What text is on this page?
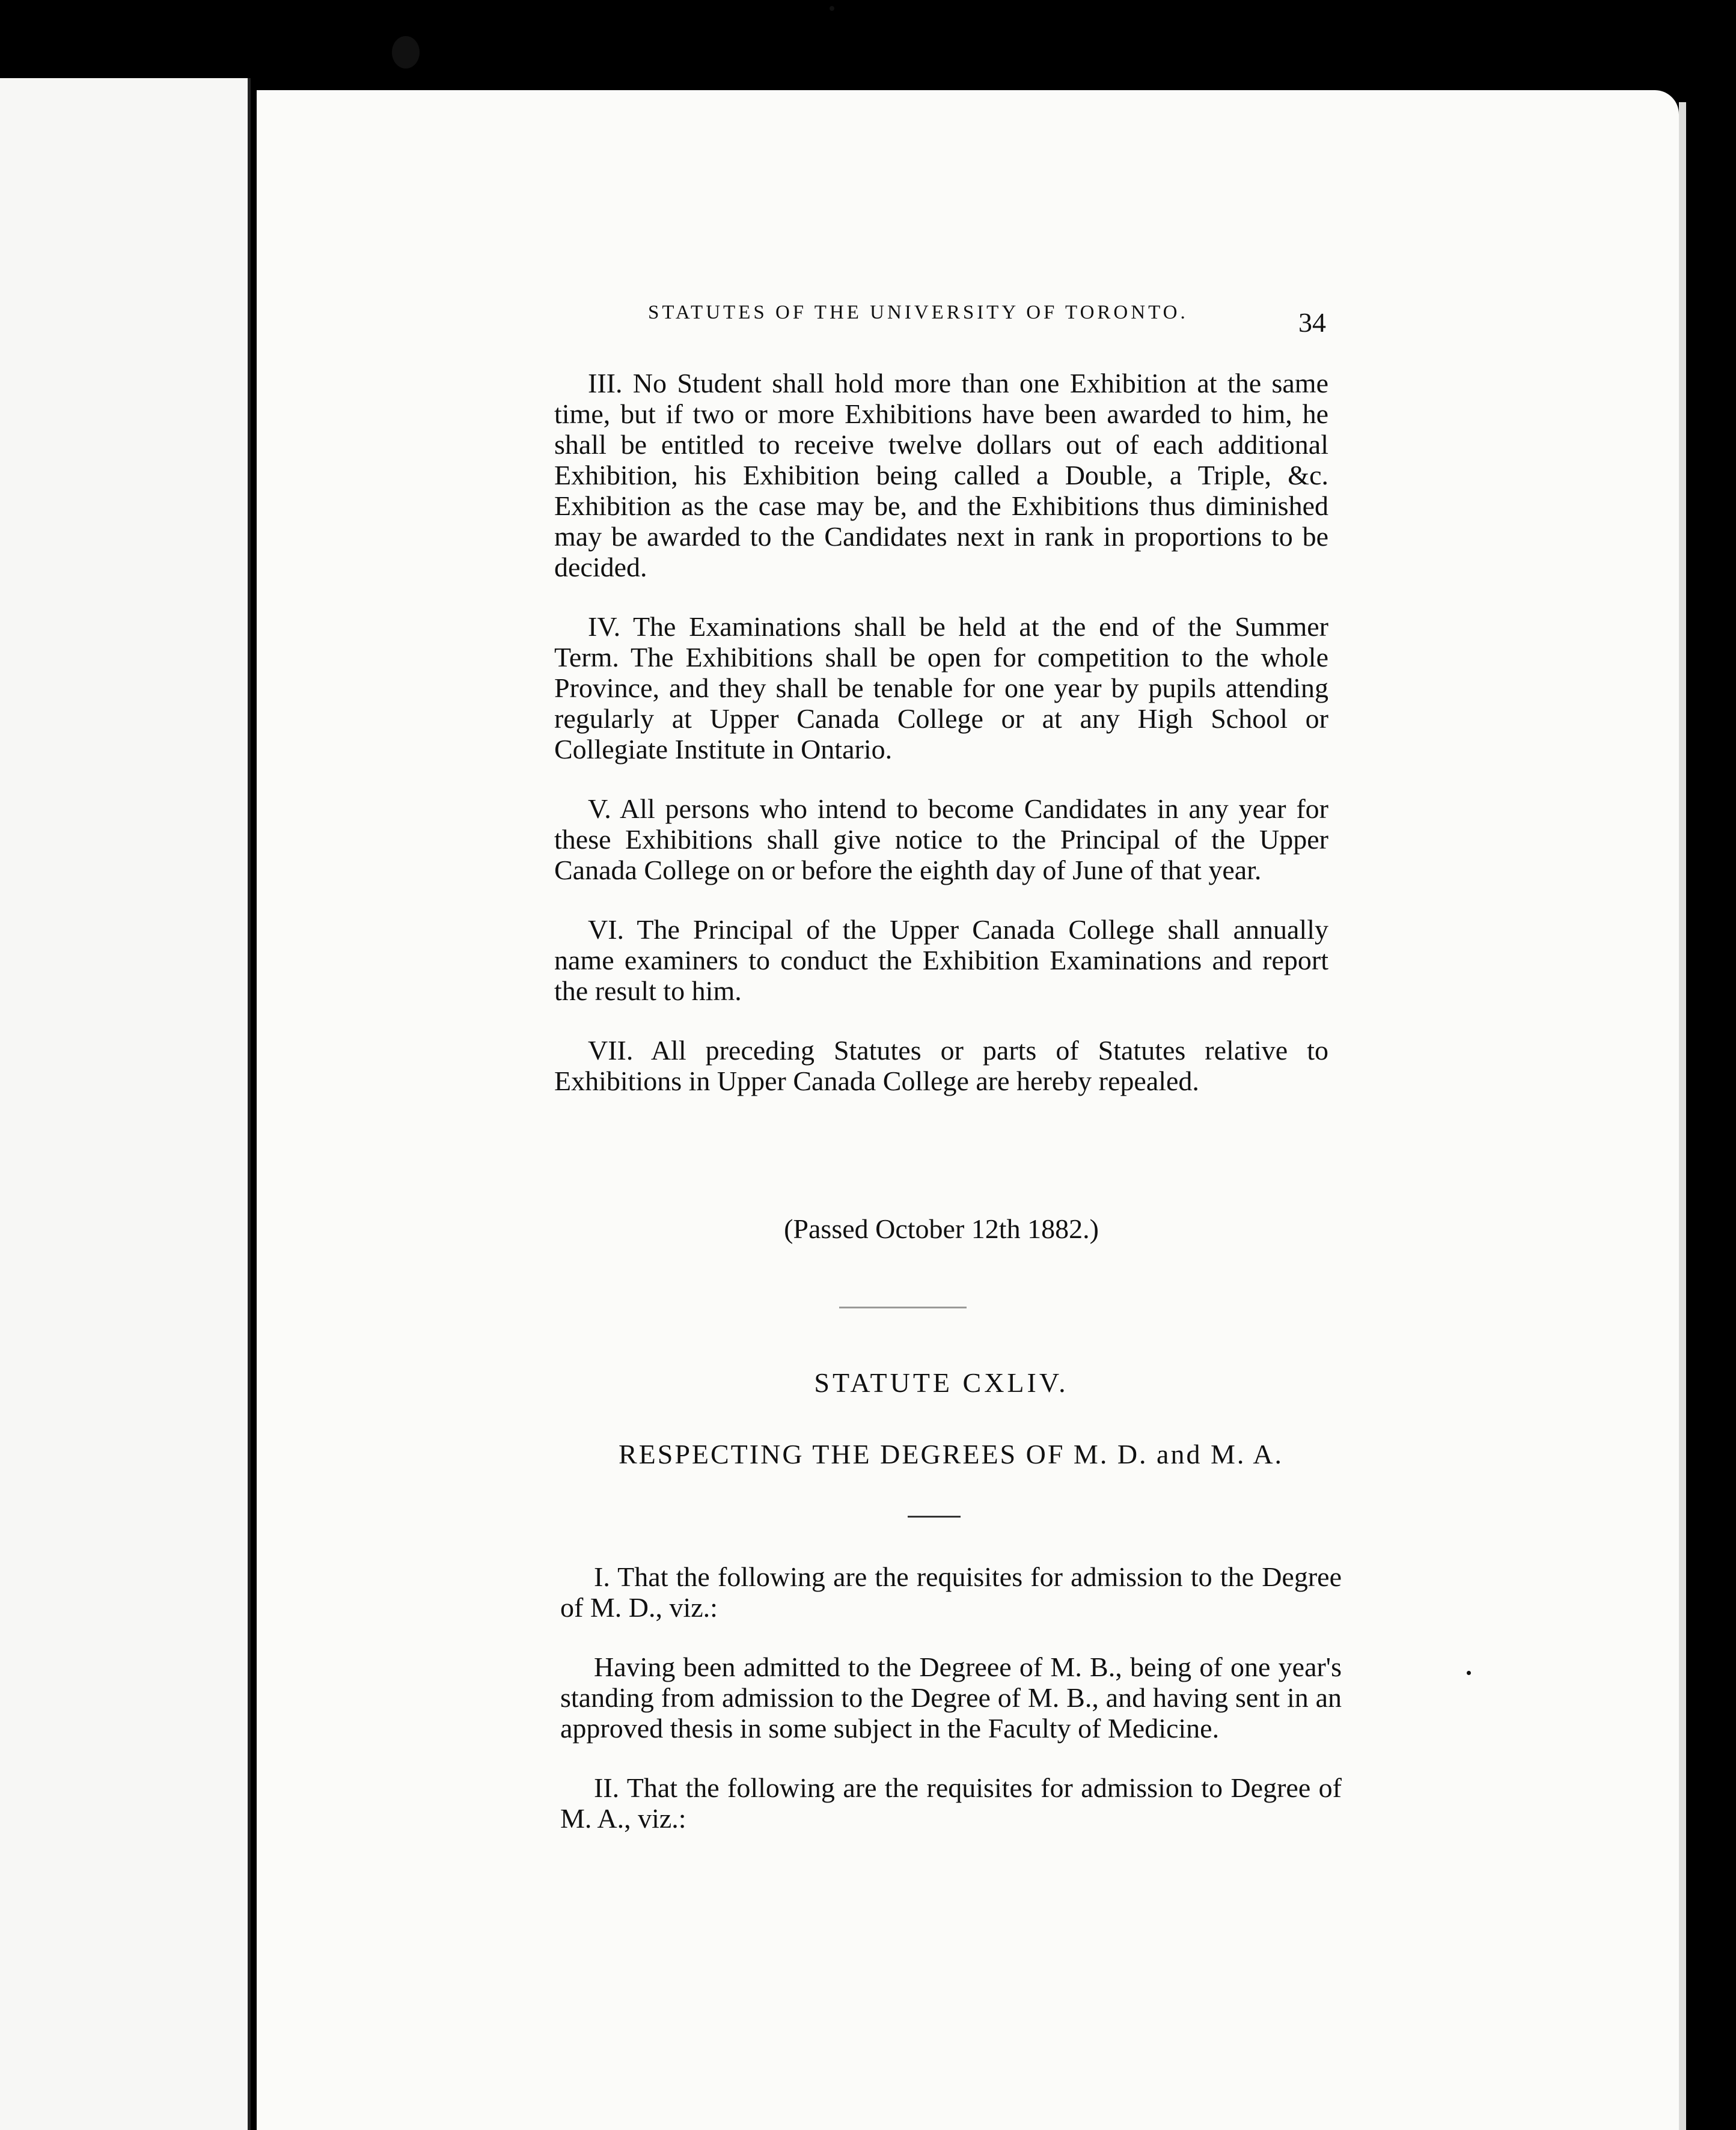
STATUTES OF THE UNIVERSITY OF TORONTO.	34

III. No Student shall hold more than one Exhibition at the same time, but if two or more Exhibitions have been awarded to him, he shall be entitled to receive twelve dollars out of each additional Exhibition, his Exhibition being called a Double, a Triple, &c. Exhibition as the case may be, and the Exhibitions thus diminished may be awarded to the Candidates next in rank in proportions to be decided.

IV. The Examinations shall be held at the end of the Summer Term. The Exhibitions shall be open for competition to the whole Province, and they shall be tenable for one year by pupils attending regularly at Upper Canada College or at any High School or Collegiate Institute in Ontario.

V. All persons who intend to become Candidates in any year for these Exhibitions shall give notice to the Principal of the Upper Canada College on or before the eighth day of June of that year.

VI. The Principal of the Upper Canada College shall annually name examiners to conduct the Exhibition Examinations and report the result to him.

VII. All preceding Statutes or parts of Statutes relative to Exhibitions in Upper Canada College are hereby repealed.

(Passed October 12th 1882.)
STATUTE CXLIV.
RESPECTING THE DEGREES OF M. D. and M. A.

I. That the following are the requisites for admission to the Degree of M. D., viz.:

Having been admitted to the Degreee of M. B., being of one year's standing from admission to the Degree of M. B., and having sent in an approved thesis in some subject in the Faculty of Medicine.

II. That the following are the requisites for admission to Degree of M. A., viz.:
